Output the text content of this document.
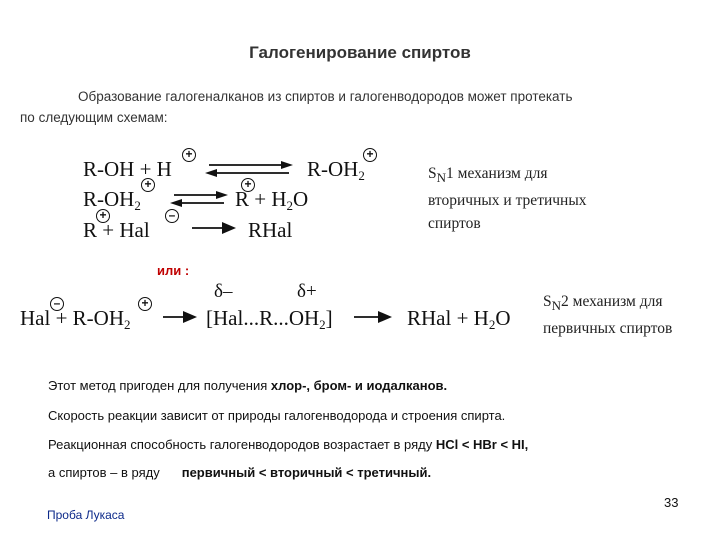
Галогенирование спиртов
Образование галогеналканов из спиртов и галогенводородов может протекать
по следующим схемам:
R-OH + H
+
$R-OH_2$
+
$R-OH_2$
+
⇌ $R + H_2O$
+
R + Hal
+	–
→ RHal
$S_N1$ механизм для
вторичных и третичных
спиртов
или :
Hal + $R-OH_2$
–	+
δ–	δ+
$[Hal...R...OH_2]$ → RHal + $H_2O$
$S_N2$ механизм для
первичных спиртов
Этот метод пригоден для получения хлор-, бром- и иодалканов.
Скорость реакции зависит от природы галогенводорода и строения спирта.
Реакционная способность галогенводородов возрастает в ряду HCl < HBr < HI,
а спиртов – в ряду первичный < вторичный < третичный.
Проба Лукаса
33
